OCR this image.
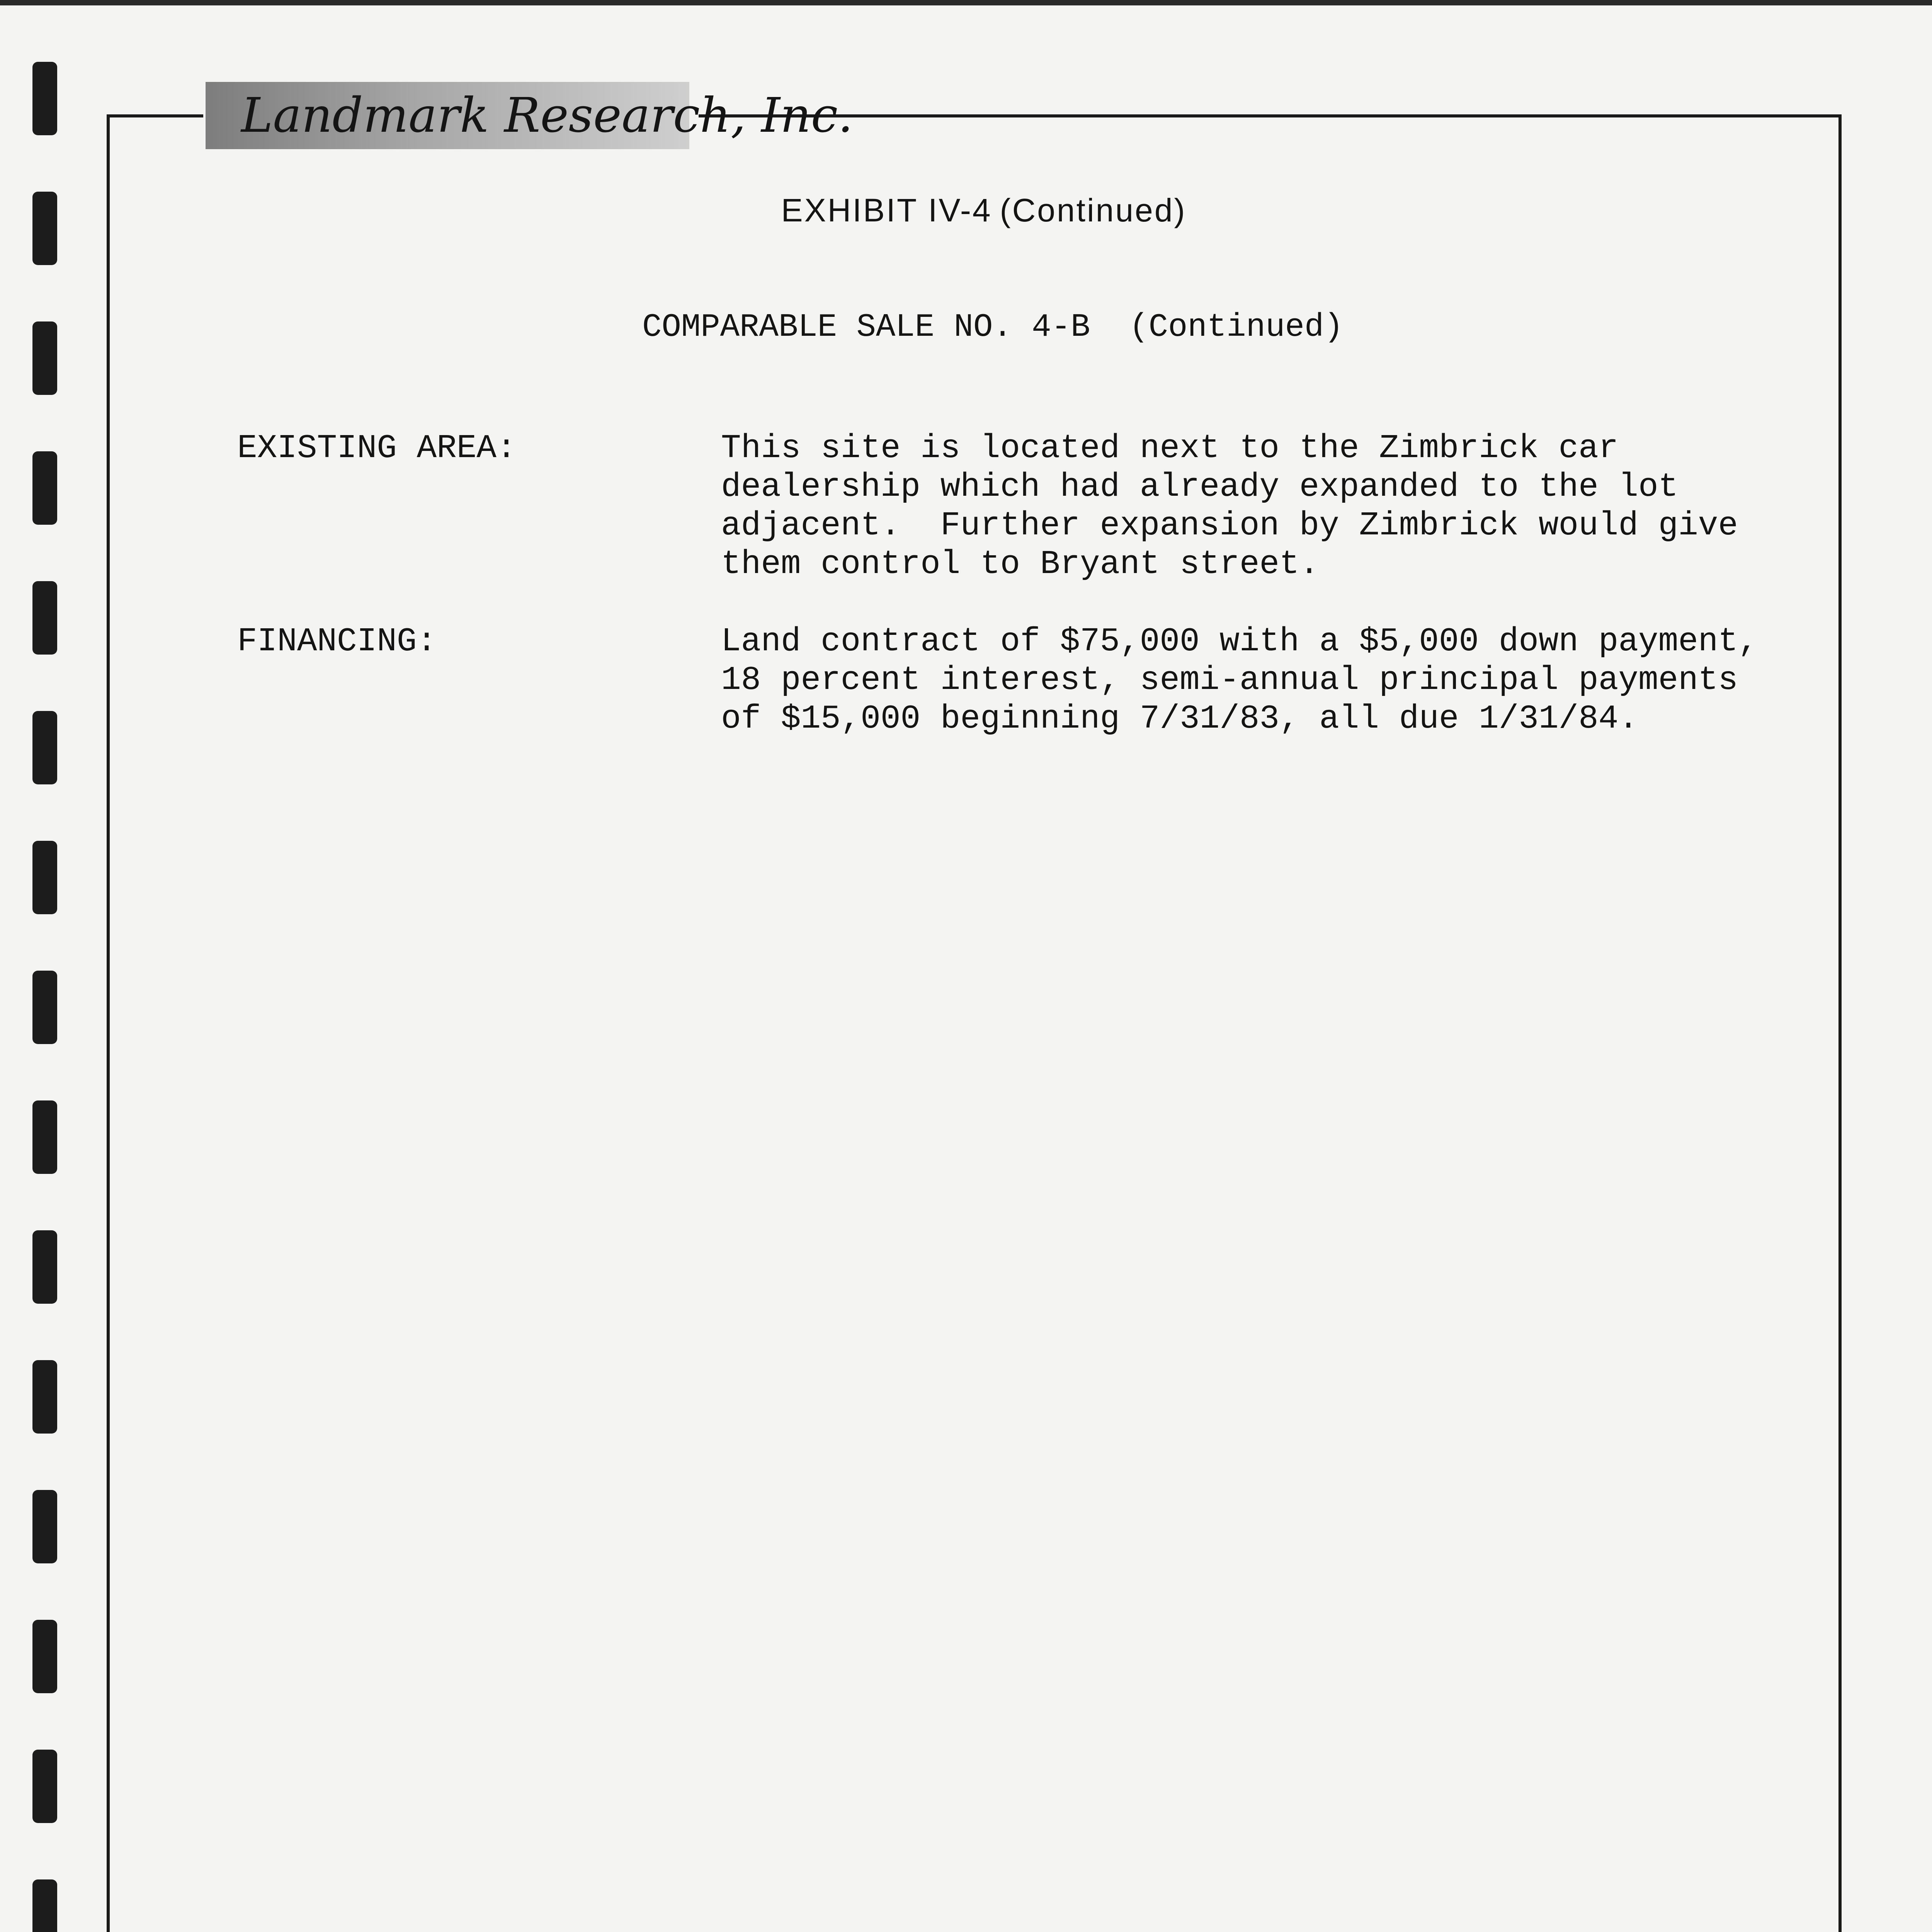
Landmark Research, Inc.
EXHIBIT IV-4 (Continued)
COMPARABLE SALE NO. 4-B  (Continued)
EXISTING AREA:	This site is located next to the Zimbrick car
dealership which had already expanded to the lot
adjacent.  Further expansion by Zimbrick would give
them control to Bryant street.
FINANCING:	Land contract of $75,000 with a $5,000 down payment,
18 percent interest, semi-annual principal payments
of $15,000 beginning 7/31/83, all due 1/31/84.
